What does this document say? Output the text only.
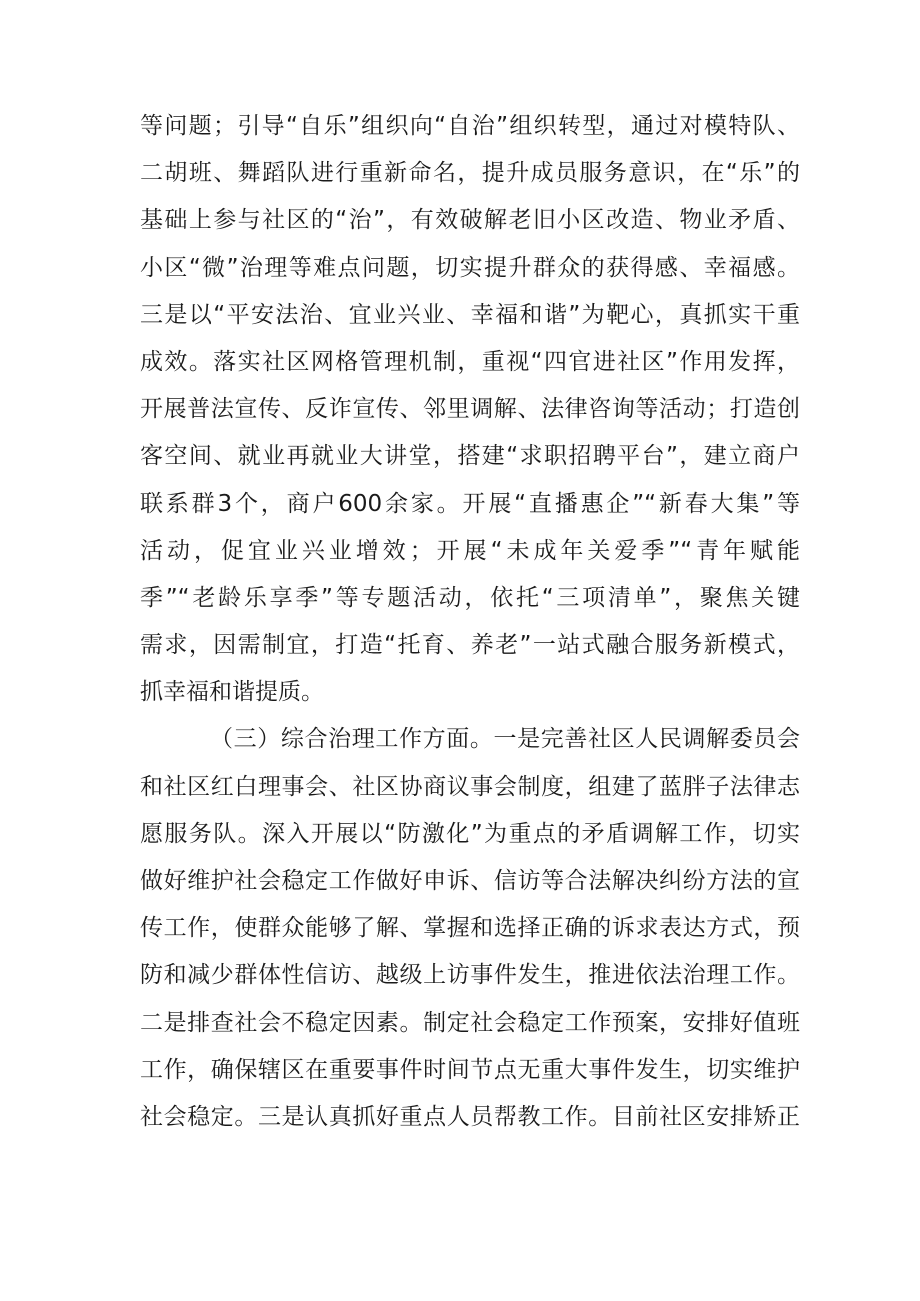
等问题；引导“自乐”组织向“自治”组织转型，通过对模特队、
二胡班、舞蹈队进行重新命名，提升成员服务意识，在“乐”的
基础上参与社区的“治”，有效破解老旧小区改造、物业矛盾、
小区“微”治理等难点问题，切实提升群众的获得感、幸福感。
三是以“平安法治、宜业兴业、幸福和谐”为靶心，真抓实干重
成效。落实社区网格管理机制，重视“四官进社区”作用发挥，
开展普法宣传、反诈宣传、邻里调解、法律咨询等活动；打造创
客空间、就业再就业大讲堂，搭建“求职招聘平台”，建立商户
联系群3个，商户600余家。开展“直播惠企”“新春大集”等
活动，促宜业兴业增效；开展“未成年关爱季”“青年赋能
季”“老龄乐享季”等专题活动，依托“三项清单”，聚焦关键
需求，因需制宜，打造“托育、养老”一站式融合服务新模式，
抓幸福和谐提质。
（三）综合治理工作方面。一是完善社区人民调解委员会
和社区红白理事会、社区协商议事会制度，组建了蓝胖子法律志
愿服务队。深入开展以“防激化”为重点的矛盾调解工作，切实
做好维护社会稳定工作做好申诉、信访等合法解决纠纷方法的宣
传工作，使群众能够了解、掌握和选择正确的诉求表达方式，预
防和减少群体性信访、越级上访事件发生，推进依法治理工作。
二是排查社会不稳定因素。制定社会稳定工作预案，安排好值班
工作，确保辖区在重要事件时间节点无重大事件发生，切实维护
社会稳定。三是认真抓好重点人员帮教工作。目前社区安排矫正
